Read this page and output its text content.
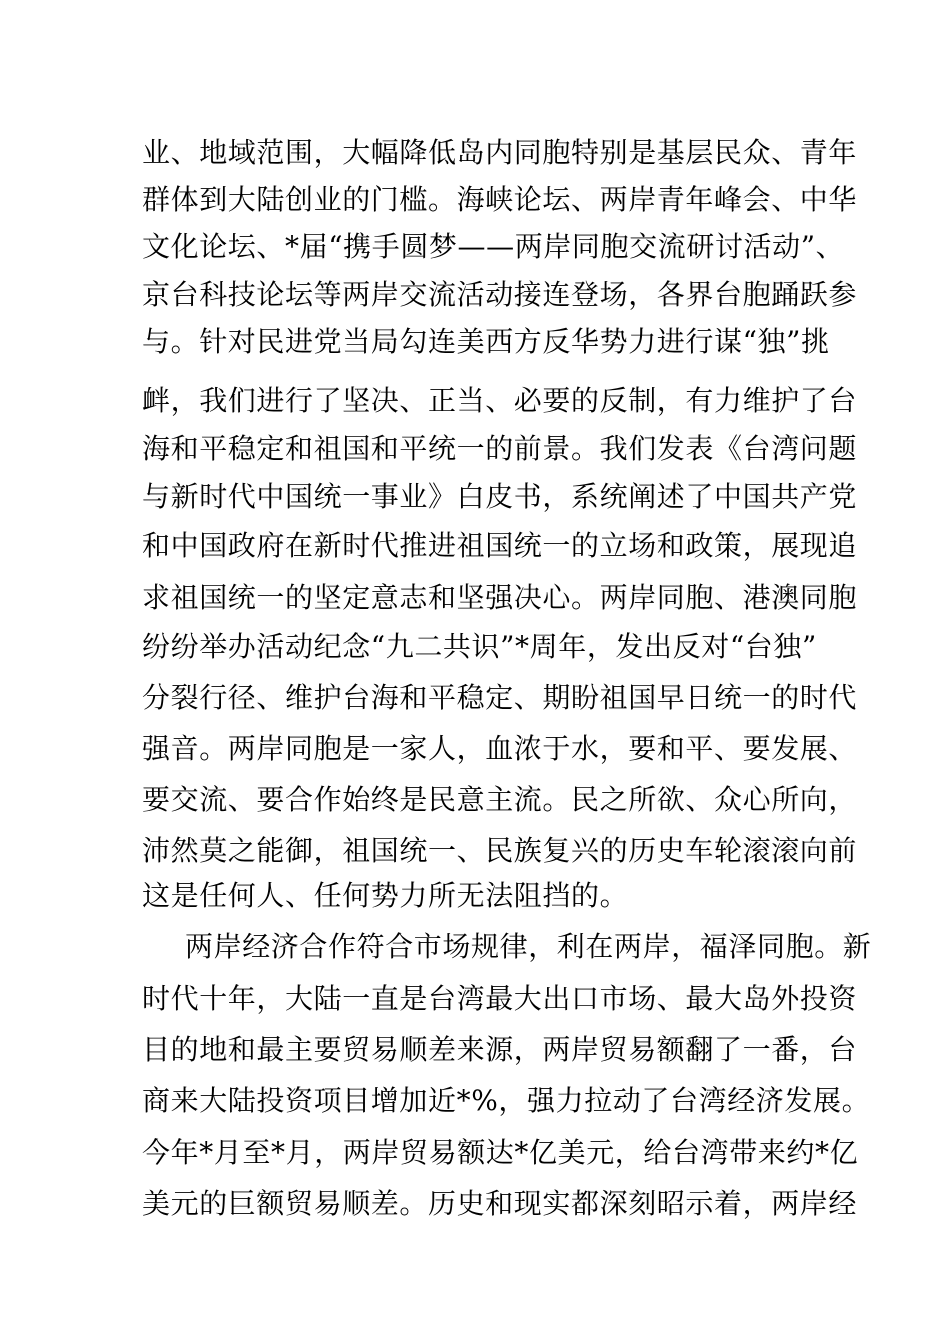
业、地域范围，大幅降低岛内同胞特别是基层民众、青年
群体到大陆创业的门槛。海峡论坛、两岸青年峰会、中华
文化论坛、*届“携手圆梦——两岸同胞交流研讨活动”、
京台科技论坛等两岸交流活动接连登场，各界台胞踊跃参
与。针对民进党当局勾连美西方反华势力进行谋“独”挑
衅，我们进行了坚决、正当、必要的反制，有力维护了台
海和平稳定和祖国和平统一的前景。我们发表《台湾问题
与新时代中国统一事业》白皮书，系统阐述了中国共产党
和中国政府在新时代推进祖国统一的立场和政策，展现追
求祖国统一的坚定意志和坚强决心。两岸同胞、港澳同胞
纷纷举办活动纪念“九二共识”*周年，发出反对“台独”
分裂行径、维护台海和平稳定、期盼祖国早日统一的时代
强音。两岸同胞是一家人，血浓于水，要和平、要发展、
要交流、要合作始终是民意主流。民之所欲、众心所向，
沛然莫之能御，祖国统一、民族复兴的历史车轮滚滚向前
这是任何人、任何势力所无法阻挡的。
两岸经济合作符合市场规律，利在两岸，福泽同胞。新
时代十年，大陆一直是台湾最大出口市场、最大岛外投资
目的地和最主要贸易顺差来源，两岸贸易额翻了一番，台
商来大陆投资项目增加近*%，强力拉动了台湾经济发展。
今年*月至*月，两岸贸易额达*亿美元，给台湾带来约*亿
美元的巨额贸易顺差。历史和现实都深刻昭示着，两岸经
